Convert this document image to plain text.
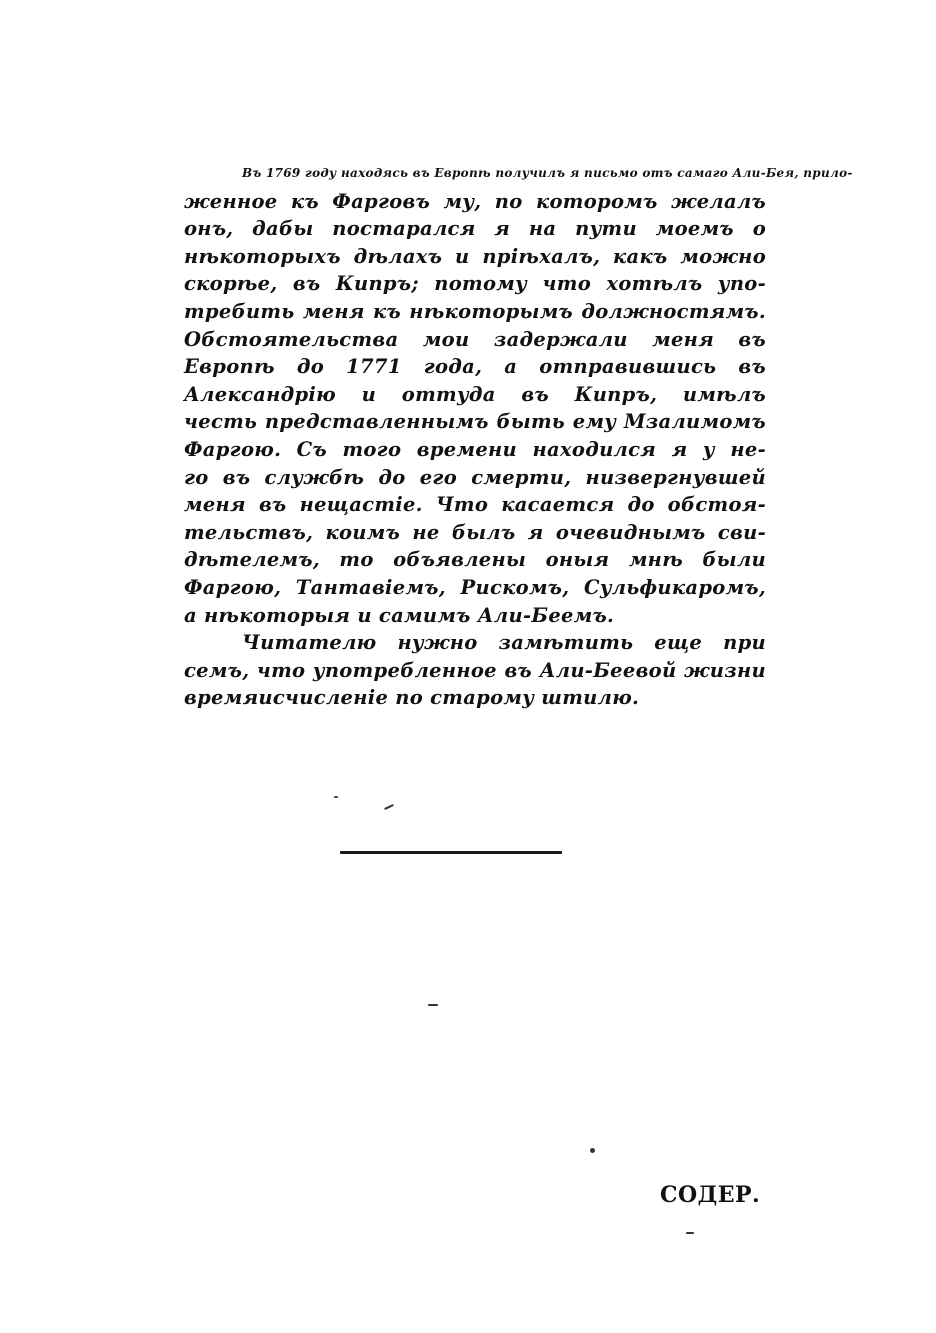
Въ 1769 году находясь въ Европѣ получилъ я письмо отъ самаго Али-Бея, прило-
женное къ Фарговъ му, по которомъ желалъ
онъ, дабы постарался я на пути моемъ о
нѣкоторыхъ дѣлахъ и прiѣхалъ, какъ можно
скорѣе, въ Кипръ; потому что хотѣлъ упо-
требить меня къ нѣкоторымъ должностямъ.
Обстоятельства мои задержали меня въ
Европѣ до 1771 года, а отправившись въ
Александрiю и оттуда въ Кипръ, имѣлъ
честь представленнымъ быть ему Мзалимомъ
Фаргою. Съ того времени находился я у не-
го въ службѣ до его смерти, низвергнувшей
меня въ нещастiе. Что касается до обстоя-
тельствъ, коимъ не былъ я очевиднымъ сви-
дѣтелемъ, то объявлены оныя мнѣ были
Фаргою, Тантавiемъ, Рискомъ, Сульфикаромъ,
а нѣкоторыя и самимъ Али-Беемъ.
Читателю нужно замѣтить еще при
семъ, что употребленное въ Али-Беевой жизни
времяисчисленiе по старому штилю.
СОДЕР.
